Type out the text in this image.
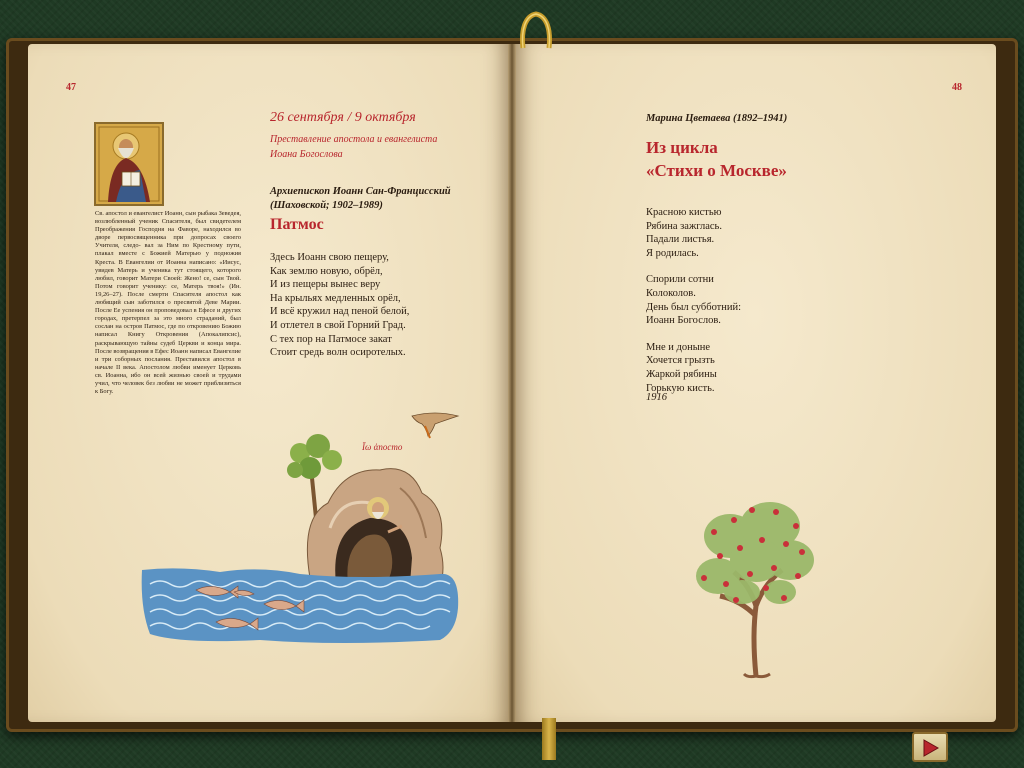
47	48

Св. апостол и евангелист Иоанн, сын рыбака Зеведея, возлюбленный ученик Спасителя, был свидетелем Преображения Господня на Фаворе, находился во дворе первосвященника при допросах своего Учителя, следо- вал за Ним по Крестному пути, плакал вместе с Божией Матерью у подножия Креста. В Евангелии от Иоанна написано: «Иисус, увидев Матерь и ученика тут стоящего, которого любил, говорит Матери Своей: Жено! се, сын Твой. Потом говорит ученику: се, Матерь твоя!» (Ин. 19,26–27). После смерти Спасителя апостол как любящий сын заботился о пресвятой Деве Марии. После Ее успения он проповедовал в Ефесе и других городах, претерпел за это много страданий, был сослан на остров Патмос, где по откровению Божию написал Книгу Откровения (Апокалипсис), раскрывающую тайны судеб Церкви и конца мира. После возвращения в Ефес Иоанн написал Евангелие и три соборных послания. Преставился апостол в начале II века. Апостолом любви именует Церковь св. Иоанна, ибо он всей жизнью своей и трудами учил, что человек без любви не может приблизиться к Богу.

26 сентября / 9 октября

Преставление апостола и евангелиста
Иоана Богослова

Архиепископ Иоанн Сан-Францисский
(Шаховской; 1902–1989)

Патмос
Здесь Иоанн свою пещеру,
Как землю новую, обрёл,
И из пещеры вынес веру
На крыльях медленных орёл,
И всё кружил над пеной белой,
И отлетел в свой Горний Град.
С тех пор на Патмосе закат
Стоит средь волн осиротелых.
Ῑω ἀпосто

Марина Цветаева (1892–1941)

Из цикла
«Стихи о Москве»
Красною кистью
Рябина зажглась.
Падали листья.
Я родилась.
Спорили сотни
Колоколов.
День был субботний:
Иоанн Богослов.
Мне и доныне
Хочется грызть
Жаркой рябины
Горькую кисть.
1916
